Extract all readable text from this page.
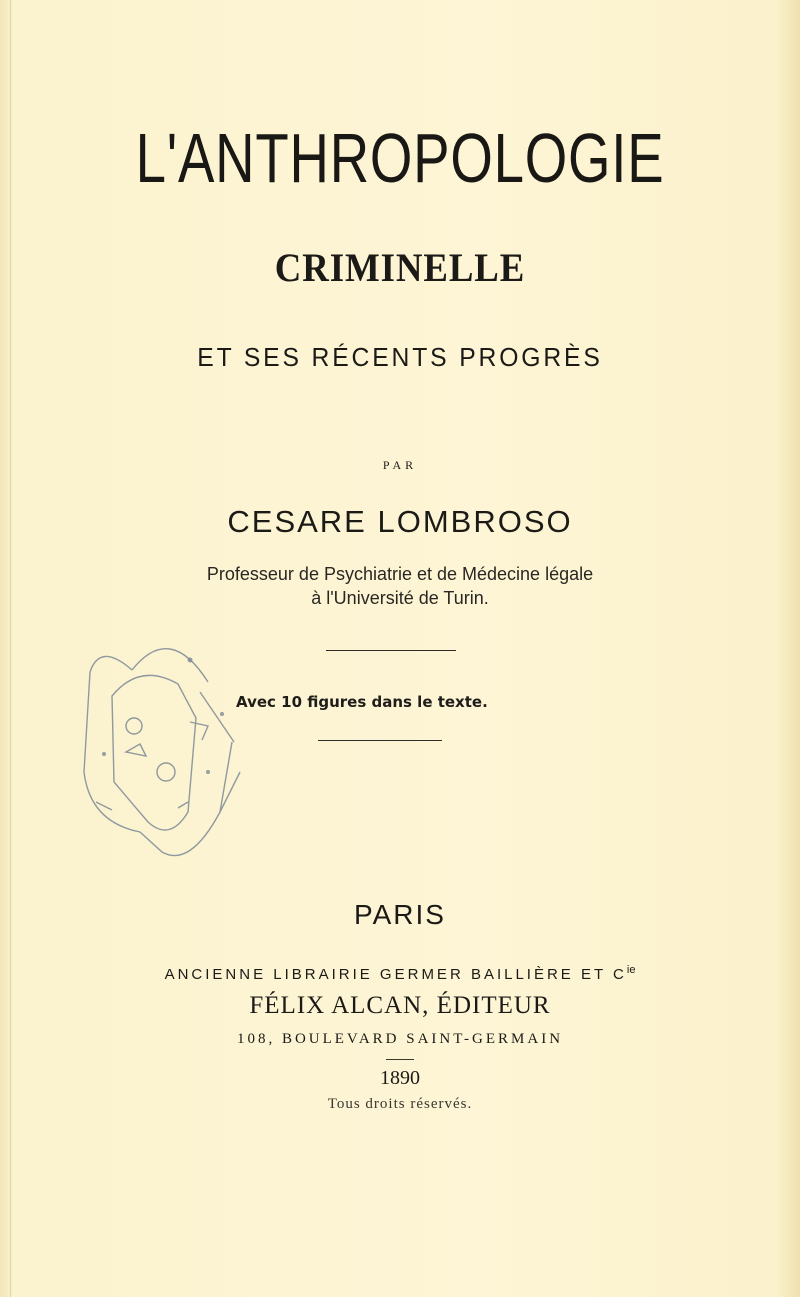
L'ANTHROPOLOGIE
CRIMINELLE
ET SES RÉCENTS PROGRÈS
PAR
CESARE LOMBROSO
Professeur de Psychiatrie et de Médecine légale
à l'Université de Turin.
Avec 10 figures dans le texte.
PARIS
ANCIENNE LIBRAIRIE GERMER BAILLIÈRE ET $C^{ie}$
FÉLIX ALCAN, ÉDITEUR
108, BOULEVARD SAINT-GERMAIN
1890
Tous droits réservés.
